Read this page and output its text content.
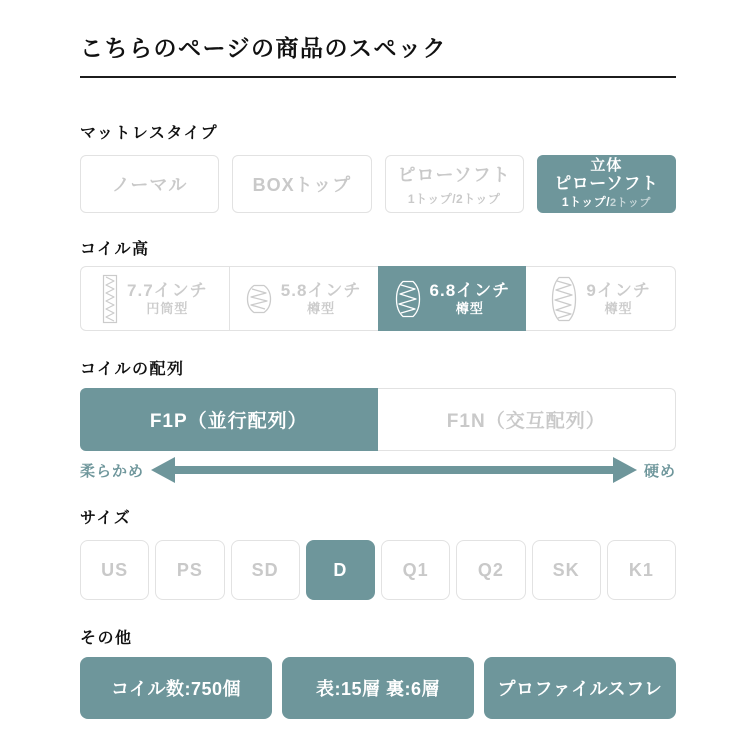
こちらのページの商品のスペック
マットレスタイプ
ノーマル	BOXトップ	ピローソフト
1トップ/2トップ
立体
ピローソフト
1トップ/2トップ
コイル高
7.7インチ
円筒型
5.8インチ
樽型
6.8インチ
樽型
9インチ
樽型
コイルの配列
F1P（並行配列）	F1N（交互配列）
柔らかめ	硬め
サイズ
US	PS	SD	D	Q1	Q2	SK	K1
その他
コイル数:750個	表:15層 裏:6層	プロファイルスフレ
